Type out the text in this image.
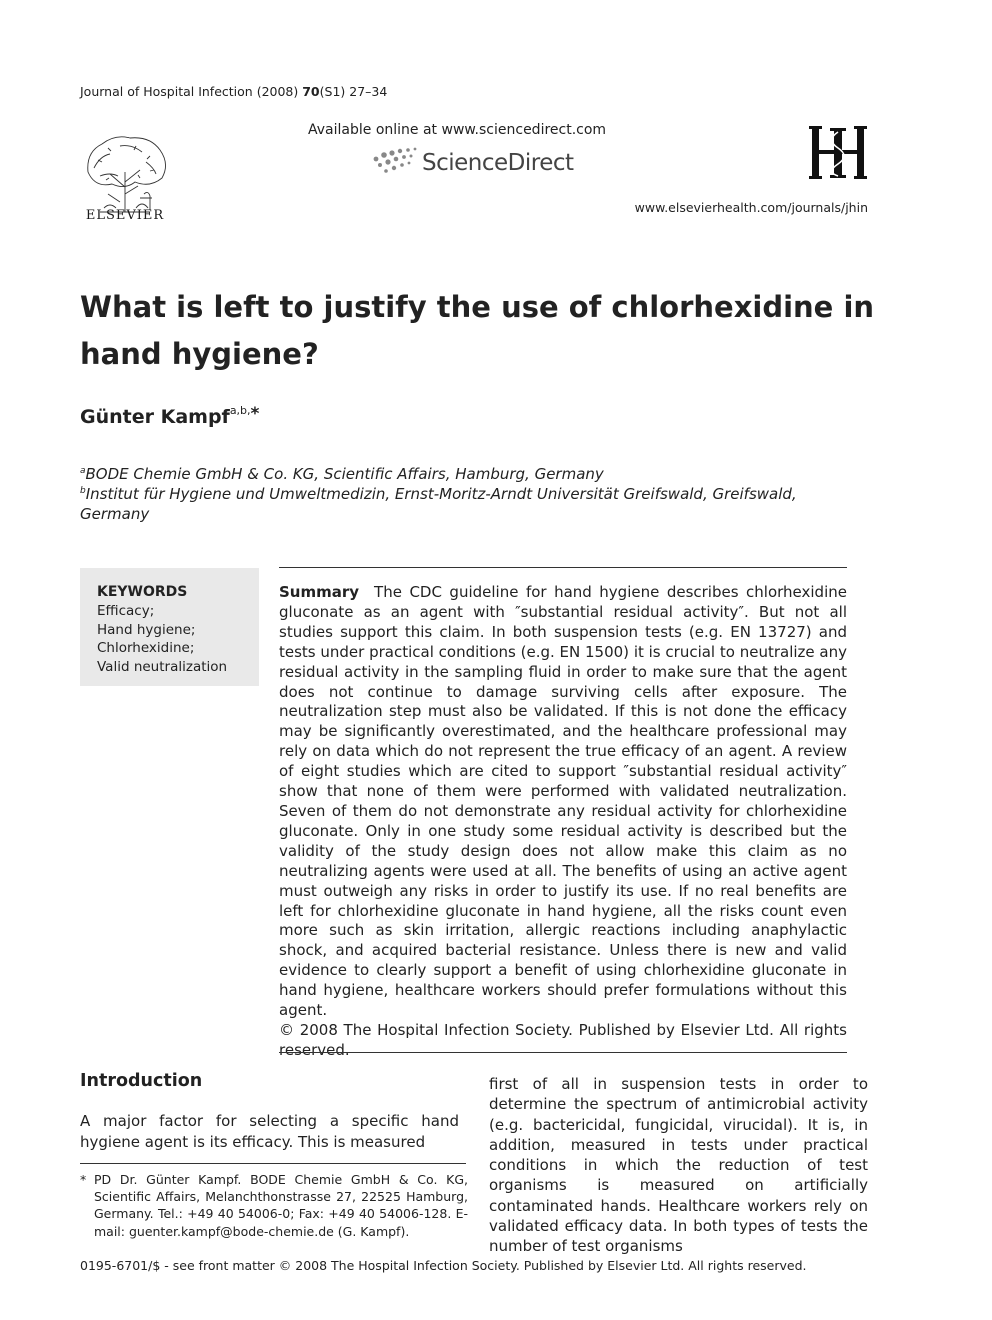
Journal of Hospital Infection (2008) 70(S1) 27–34
ELSEVIER
Available online at www.sciencedirect.com
ScienceDirect
www.elsevierhealth.com/journals/jhin
What is left to justify the use of chlorhexidine in hand hygiene?
Günter Kampf$^{a,b,}$*
$^a$BODE Chemie GmbH & Co. KG, Scientific Affairs, Hamburg, Germany
$^b$Institut für Hygiene und Umweltmedizin, Ernst-Moritz-Arndt Universität Greifswald, Greifswald, Germany
KEYWORDS
Efficacy;
Hand hygiene;
Chlorhexidine;
Valid neutralization
Summary The CDC guideline for hand hygiene describes chlorhexidine gluconate as an agent with ″substantial residual activity″. But not all studies support this claim. In both suspension tests (e.g. EN 13727) and tests under practical conditions (e.g. EN 1500) it is crucial to neutralize any residual activity in the sampling fluid in order to make sure that the agent does not continue to damage surviving cells after exposure. The neutralization step must also be validated. If this is not done the efficacy may be significantly overestimated, and the healthcare professional may rely on data which do not represent the true efficacy of an agent. A review of eight studies which are cited to support ″substantial residual activity″ show that none of them were performed with validated neutralization. Seven of them do not demonstrate any residual activity for chlorhexidine gluconate. Only in one study some residual activity is described but the validity of the study design does not allow make this claim as no neutralizing agents were used at all. The benefits of using an active agent must outweigh any risks in order to justify its use. If no real benefits are left for chlorhexidine gluconate in hand hygiene, all the risks count even more such as skin irritation, allergic reactions including anaphylactic shock, and acquired bacterial resistance. Unless there is new and valid evidence to clearly support a benefit of using chlorhexidine gluconate in hand hygiene, healthcare workers should prefer formulations without this agent.
© 2008 The Hospital Infection Society. Published by Elsevier Ltd. All rights reserved.
Introduction
A major factor for selecting a specific hand hygiene agent is its efficacy. This is measured
* PD Dr. Günter Kampf. BODE Chemie GmbH & Co. KG, Scientific Affairs, Melanchthonstrasse 27, 22525 Hamburg, Germany. Tel.: +49 40 54006-0; Fax: +49 40 54006-128. E-mail: guenter.kampf@bode-chemie.de (G. Kampf).
first of all in suspension tests in order to determine the spectrum of antimicrobial activity (e.g. bactericidal, fungicidal, virucidal). It is, in addition, measured in tests under practical conditions in which the reduction of test organisms is measured on artificially contaminated hands. Healthcare workers rely on validated efficacy data. In both types of tests the number of test organisms
0195-6701/$ - see front matter © 2008 The Hospital Infection Society. Published by Elsevier Ltd. All rights reserved.
